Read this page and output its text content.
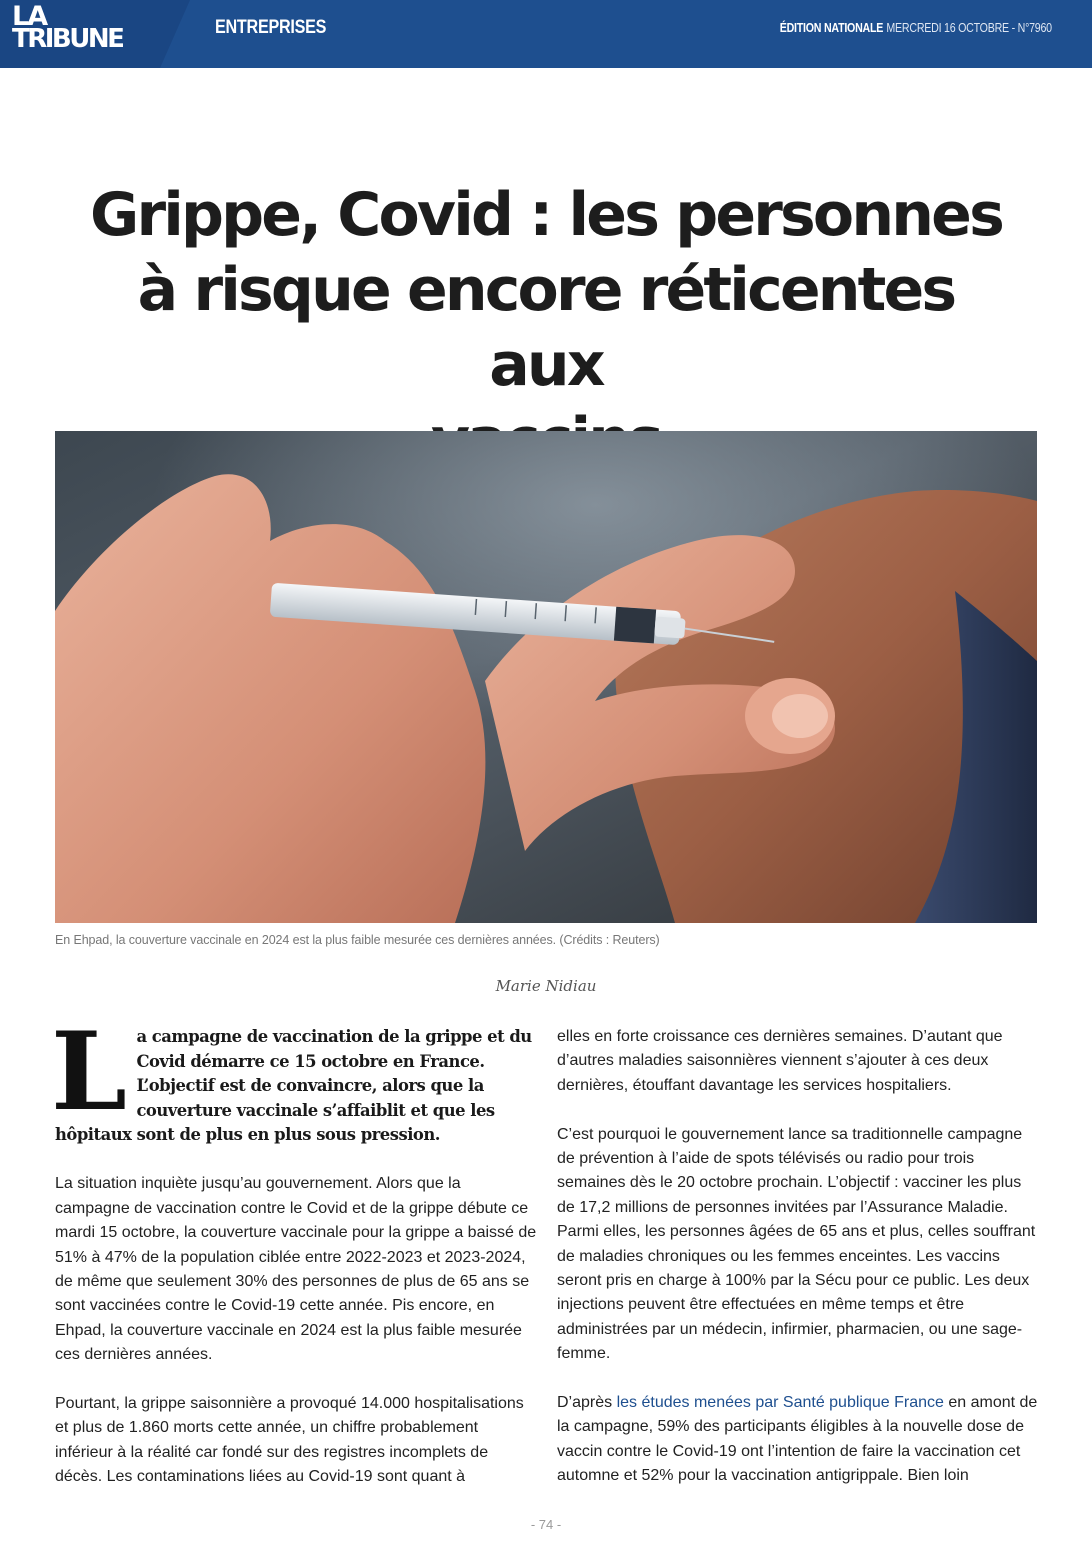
LA
TRIBUNE	ENTREPRISES	ÉDITION NATIONALE MERCREDI 16 OCTOBRE - N°7960
Grippe, Covid : les personnes
à risque encore réticentes aux

En Ehpad, la couverture vaccinale en 2024 est la plus faible mesurée ces dernières années. (Crédits : Reuters)
Marie Nidiau

La campagne de vaccination de la grippe et du Covid démarre ce 15 octobre en France. L’objectif est de convaincre, alors que la couverture vaccinale s’affaiblit et que les hôpitaux sont de plus en plus sous pression.

La situation inquiète jusqu’au gouvernement. Alors que la campagne de vaccination contre le Covid et de la grippe débute ce mardi 15 octobre, la couverture vaccinale pour la grippe a baissé de 51% à 47% de la population ciblée entre 2022-2023 et 2023-2024, de même que seulement 30% des personnes de plus de 65 ans se sont vaccinées contre le Covid-19 cette année. Pis encore, en Ehpad, la couverture vaccinale en 2024 est la plus faible mesurée ces dernières années.

Pourtant, la grippe saisonnière a provoqué 14.000 hospitalisations et plus de 1.860 morts cette année, un chiffre probablement inférieur à la réalité car fondé sur des registres incomplets de décès. Les contaminations liées au Covid-19 sont quant à

elles en forte croissance ces dernières semaines. D’autant que d’autres maladies saisonnières viennent s’ajouter à ces deux dernières, étouffant davantage les services hospitaliers.

C’est pourquoi le gouvernement lance sa traditionnelle campagne de prévention à l’aide de spots télévisés ou radio pour trois semaines dès le 20 octobre prochain. L’objectif : vacciner les plus de 17,2 millions de personnes invitées par l’Assurance Maladie. Parmi elles, les personnes âgées de 65 ans et plus, celles souffrant de maladies chroniques ou les femmes enceintes. Les vaccins seront pris en charge à 100% par la Sécu pour ce public. Les deux injections peuvent être effectuées en même temps et être administrées par un médecin, infirmier, pharmacien, ou une sage-femme.

D’après les études menées par Santé publique France en amont de la campagne, 59% des participants éligibles à la nouvelle dose de vaccin contre le Covid-19 ont l’intention de faire la vaccination cet automne et 52% pour la vaccination antigrippale. Bien loin

- 74 -
